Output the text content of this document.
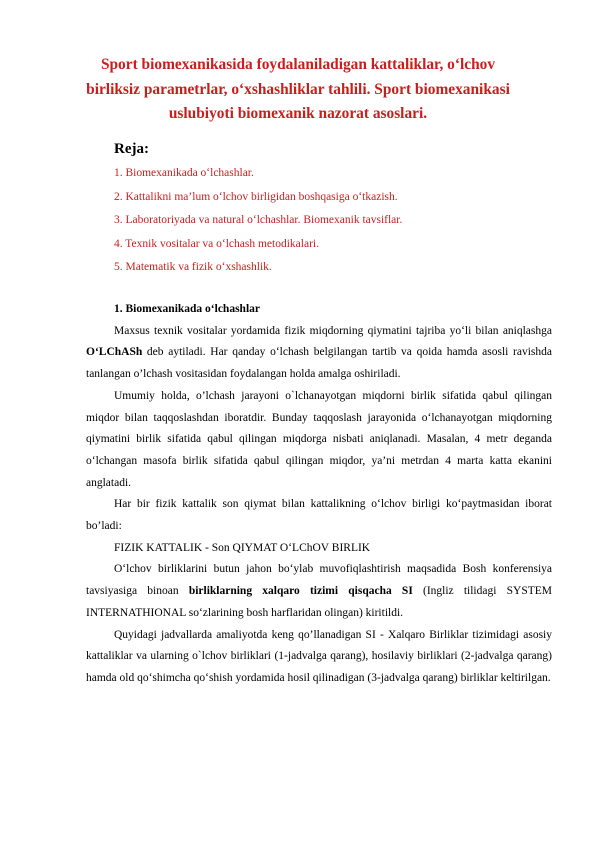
Sport biomexanikasida foydalaniladigan kattaliklar, o‘lchov birliksiz parametrlar, o‘xshashliklar tahlili. Sport biomexanikasi uslubiyoti biomexanik nazorat asoslari.
Reja:
1. Biomexanikada o‘lchashlar.
2. Kattalikni ma’lum o‘lchov birligidan boshqasiga o‘tkazish.
3. Laboratoriyada va natural o‘lchashlar. Biomexanik tavsiflar.
4. Texnik vositalar va o‘lchash metodikalari.
5. Matematik va fizik o‘xshashlik.

1. Biomexanikada o‘lchashlar

Maxsus texnik vositalar yordamida fizik miqdorning qiymatini tajriba yo‘li bilan aniqlashga O‘LChASh deb aytiladi. Har qanday o‘lchash belgilangan tartib va qoida hamda asosli ravishda tanlangan o’lchash vositasidan foydalangan holda amalga oshiriladi.

Umumiy holda, o’lchash jarayoni o`lchanayotgan miqdorni birlik sifatida qabul qilingan miqdor bilan taqqoslashdan iboratdir. Bunday taqqoslash jarayonida o‘lchanayotgan miqdorning qiymatini birlik sifatida qabul qilingan miqdorga nisbati aniqlanadi. Masalan, 4 metr deganda o‘lchangan masofa birlik sifatida qabul qilingan miqdor, ya’ni metrdan 4 marta katta ekanini anglatadi.

Har bir fizik kattalik son qiymat bilan kattalikning o‘lchov birligi ko‘paytmasidan iborat bo’ladi:

FIZIK KATTALIK - Son QIYMAT O‘LChOV BIRLIK

O‘lchov birliklarini butun jahon bo‘ylab muvofiqlashtirish maqsadida Bosh konferensiya tavsiyasiga binoan birliklarning xalqaro tizimi qisqacha SI (Ingliz tilidagi SYSTEM INTERNATHIONAL so‘zlarining bosh harflaridan olingan) kiritildi.

Quyidagi jadvallarda amaliyotda keng qo’llanadigan SI - Xalqaro Birliklar tizimidagi asosiy kattaliklar va ularning o`lchov birliklari (1-jadvalga qarang), hosilaviy birliklari (2-jadvalga qarang) hamda old qo‘shimcha qo‘shish yordamida hosil qilinadigan (3-jadvalga qarang) birliklar keltirilgan.
